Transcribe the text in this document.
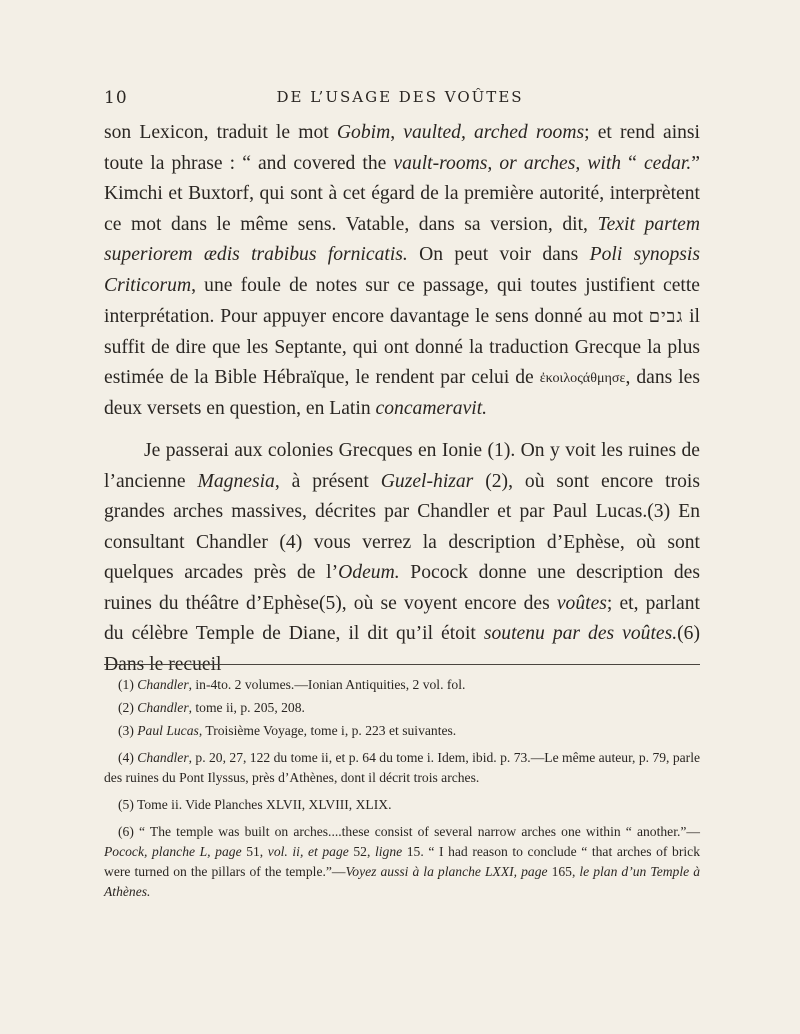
10	DE L’USAGE DES VOÛTES

son Lexicon, traduit le mot Gobim, vaulted, arched rooms; et rend ainsi toute la phrase : “ and covered the vault-rooms, or arches, with “ cedar.” Kimchi et Buxtorf, qui sont à cet égard de la première autorité, interprètent ce mot dans le même sens. Vatable, dans sa version, dit, Texit partem superiorem ædis trabibus fornicatis. On peut voir dans Poli synopsis Criticorum, une foule de notes sur ce passage, qui toutes justifient cette interprétation. Pour appuyer encore davantage le sens donné au mot גבים il suffit de dire que les Septante, qui ont donné la traduction Grecque la plus estimée de la Bible Hébraïque, le rendent par celui de ἐκοιλοςάθμησε, dans les deux versets en question, en Latin concameravit.

Je passerai aux colonies Grecques en Ionie (1). On y voit les ruines de l’ancienne Magnesia, à présent Guzel-hizar (2), où sont encore trois grandes arches massives, décrites par Chandler et par Paul Lucas.(3) En consultant Chandler (4) vous verrez la description d’Ephèse, où sont quelques arcades près de l’Odeum. Pocock donne une description des ruines du théâtre d’Ephèse(5), où se voyent encore des voûtes; et, parlant du célèbre Temple de Diane, il dit qu’il étoit soutenu par des voûtes.(6) Dans le recueil

(1) Chandler, in-4to. 2 volumes.—Ionian Antiquities, 2 vol. fol.

(2) Chandler, tome ii, p. 205, 208.

(3) Paul Lucas, Troisième Voyage, tome i, p. 223 et suivantes.

(4) Chandler, p. 20, 27, 122 du tome ii, et p. 64 du tome i. Idem, ibid. p. 73.—Le même auteur, p. 79, parle des ruines du Pont Ilyssus, près d’Athènes, dont il décrit trois arches.

(5) Tome ii. Vide Planches XLVII, XLVIII, XLIX.

(6) “ The temple was built on arches....these consist of several narrow arches one within “ another.”—Pocock, planche L, page 51, vol. ii, et page 52, ligne 15. “ I had reason to conclude “ that arches of brick were turned on the pillars of the temple.”—Voyez aussi à la planche LXXI, page 165, le plan d’un Temple à Athènes.
